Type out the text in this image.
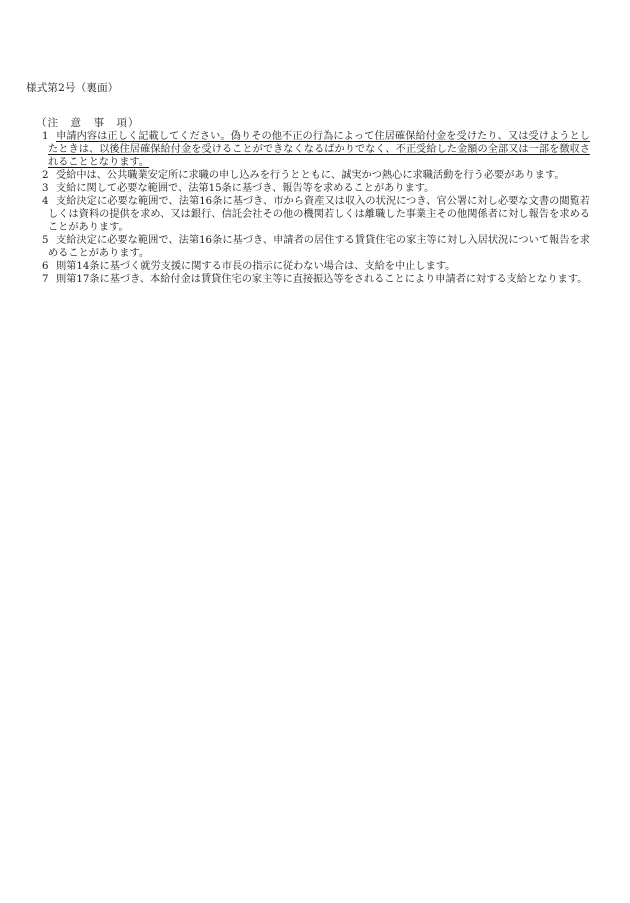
様式第2号（裏面）
（注　意　事　項）
1 申請内容は正しく記載してください。偽りその他不正の行為によって住居確保給付金を受けたり、又は受けようとしたときは、以後住居確保給付金を受けることができなくなるばかりでなく、不正受給した金額の全部又は一部を徴収されることとなります。
2 受給中は、公共職業安定所に求職の申し込みを行うとともに、誠実かつ熱心に求職活動を行う必要があります。
3 支給に関して必要な範囲で、法第15条に基づき、報告等を求めることがあります。
4 支給決定に必要な範囲で、法第16条に基づき、市から資産又は収入の状況につき、官公署に対し必要な文書の閲覧若しくは資料の提供を求め、又は銀行、信託会社その他の機関若しくは離職した事業主その他関係者に対し報告を求めることがあります。
5 支給決定に必要な範囲で、法第16条に基づき、申請者の居住する賃貸住宅の家主等に対し入居状況について報告を求めることがあります。
6 則第14条に基づく就労支援に関する市長の指示に従わない場合は、支給を中止します。
7 則第17条に基づき、本給付金は賃貸住宅の家主等に直接振込等をされることにより申請者に対する支給となります。
